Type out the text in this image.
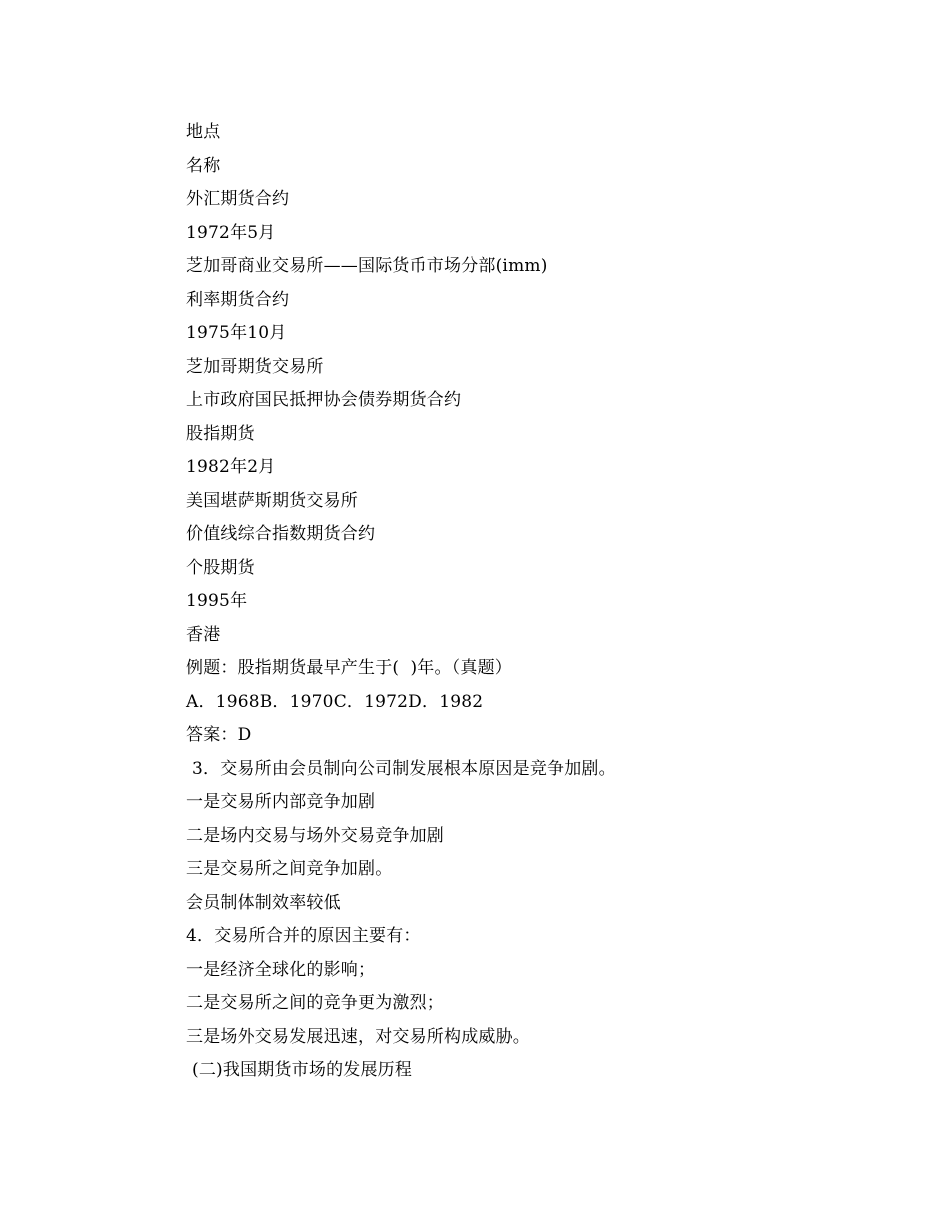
地点
名称
外汇期货合约
1972年5月
芝加哥商业交易所——国际货币市场分部(imm)
利率期货合约
1975年10月
芝加哥期货交易所
上市政府国民抵押协会债券期货合约
股指期货
1982年2月
美国堪萨斯期货交易所
价值线综合指数期货合约
个股期货
1995年
香港
例题：股指期货最早产生于(  )年。（真题）
A．1968B．1970C．1972D．1982
答案：D
3．交易所由会员制向公司制发展根本原因是竞争加剧。
一是交易所内部竞争加剧
二是场内交易与场外交易竞争加剧
三是交易所之间竞争加剧。
会员制体制效率较低
4．交易所合并的原因主要有：
一是经济全球化的影响；
二是交易所之间的竞争更为激烈；
三是场外交易发展迅速，对交易所构成威胁。
(二)我国期货市场的发展历程
